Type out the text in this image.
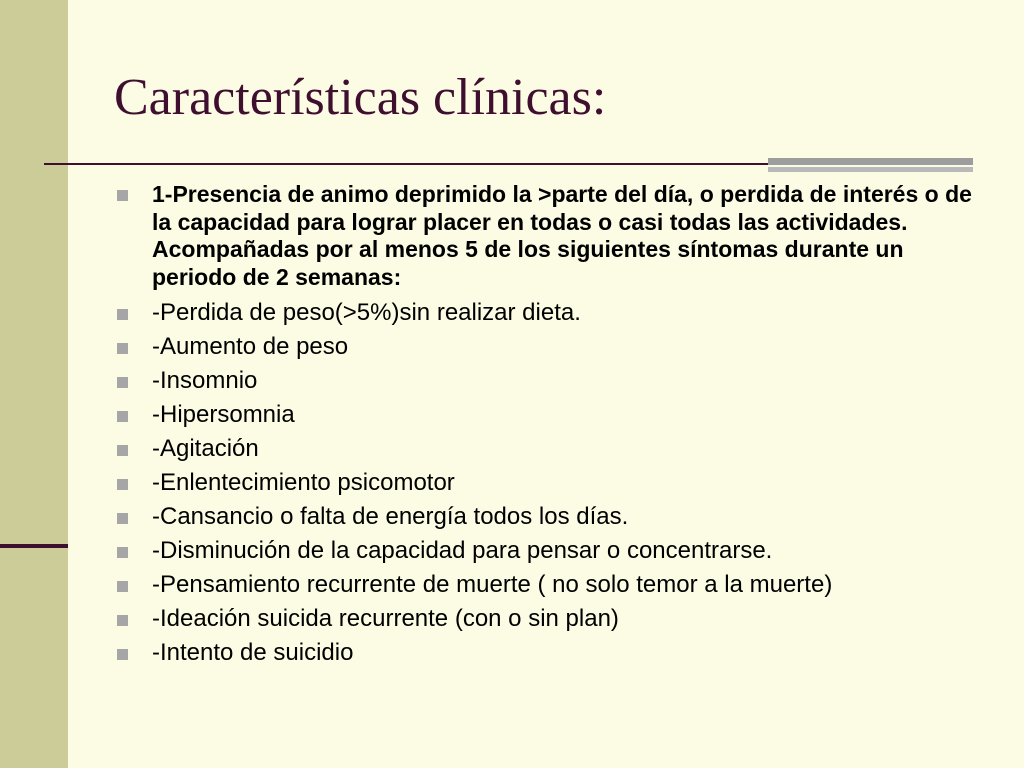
Características clínicas:
1-Presencia de animo deprimido la >parte del día, o perdida de interés o de la capacidad para lograr placer en todas o casi todas las actividades. Acompañadas por al menos 5 de los siguientes síntomas durante un periodo de 2 semanas:
-Perdida de peso(>5%)sin realizar dieta.
-Aumento de peso
-Insomnio
-Hipersomnia
-Agitación
-Enlentecimiento psicomotor
-Cansancio o falta de energía todos los días.
-Disminución de la capacidad para pensar o concentrarse.
-Pensamiento recurrente de muerte ( no solo temor a la muerte)
-Ideación suicida recurrente (con o sin plan)
-Intento de suicidio
